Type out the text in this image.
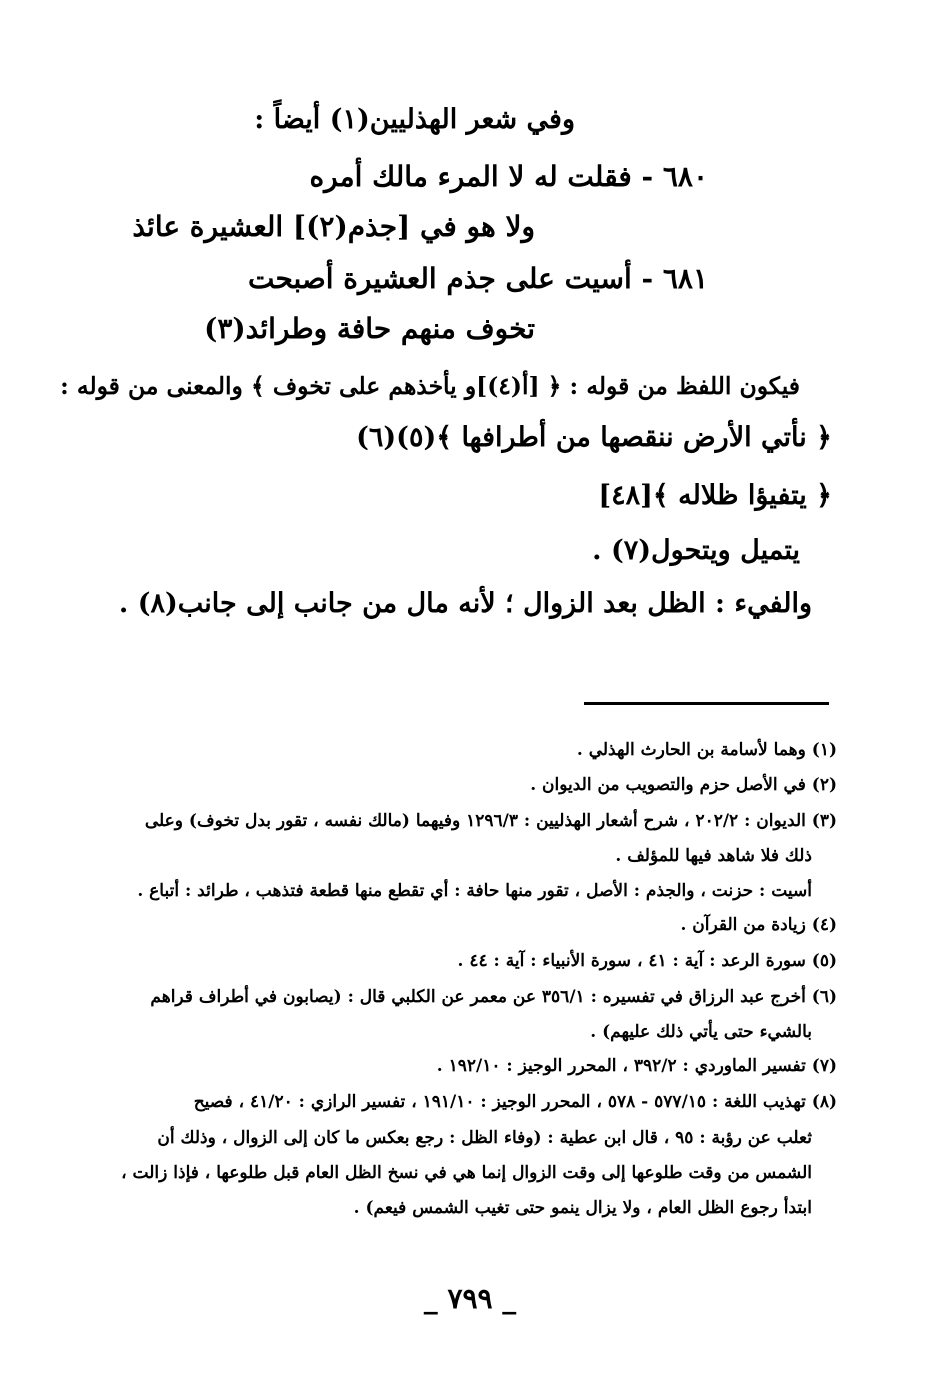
وفي شعر الهذليين(١) أيضاً :
٦٨٠ - فقلت له لا المرء مالك أمره
ولا هو في [جذم(٢)] العشيرة عائذ
٦٨١ - أسيت على جذم العشيرة أصبحت
تخوف منهم حافة وطرائد(٣)
فيكون اللفظ من قوله : ﴿ [أ(٤)]و يأخذهم على تخوف ﴾ والمعنى من قوله :
﴿ نأتي الأرض ننقصها من أطرافها ﴾(٥)(٦)
﴿ يتفيؤا ظلاله ﴾[٤٨]
يتميل ويتحول(٧) .
والفيء : الظل بعد الزوال ؛ لأنه مال من جانب إلى جانب(٨) .
(١) وهما لأسامة بن الحارث الهذلي .
(٢) في الأصل حزم والتصويب من الديوان .
(٣) الديوان : ٢٠٢/٢ ، شرح أشعار الهذليين : ١٢٩٦/٣ وفيهما (مالك نفسه ، تقور بدل تخوف) وعلى
ذلك فلا شاهد فيها للمؤلف .
أسيت : حزنت ، والجذم : الأصل ، تقور منها حافة : أي تقطع منها قطعة فتذهب ، طرائد : أتباع .
(٤) زيادة من القرآن .
(٥) سورة الرعد : آية : ٤١ ، سورة الأنبياء : آية : ٤٤ .
(٦) أخرج عبد الرزاق في تفسيره : ٣٥٦/١ عن معمر عن الكلبي قال : (يصابون في أطراف قراهم
بالشيء حتى يأتي ذلك عليهم) .
(٧) تفسير الماوردي : ٣٩٢/٢ ، المحرر الوجيز : ١٩٢/١٠ .
(٨) تهذيب اللغة : ٥٧٧/١٥ - ٥٧٨ ، المحرر الوجيز : ١٩١/١٠ ، تفسير الرازي : ٤١/٢٠ ، فصيح
ثعلب عن رؤبة : ٩٥ ، قال ابن عطية : (وفاء الظل : رجع بعكس ما كان إلى الزوال ، وذلك أن
الشمس من وقت طلوعها إلى وقت الزوال إنما هي في نسخ الظل العام قبل طلوعها ، فإذا زالت ،
ابتدأ رجوع الظل العام ، ولا يزال ينمو حتى تغيب الشمس فيعم) .
_ ٧٩٩ _
